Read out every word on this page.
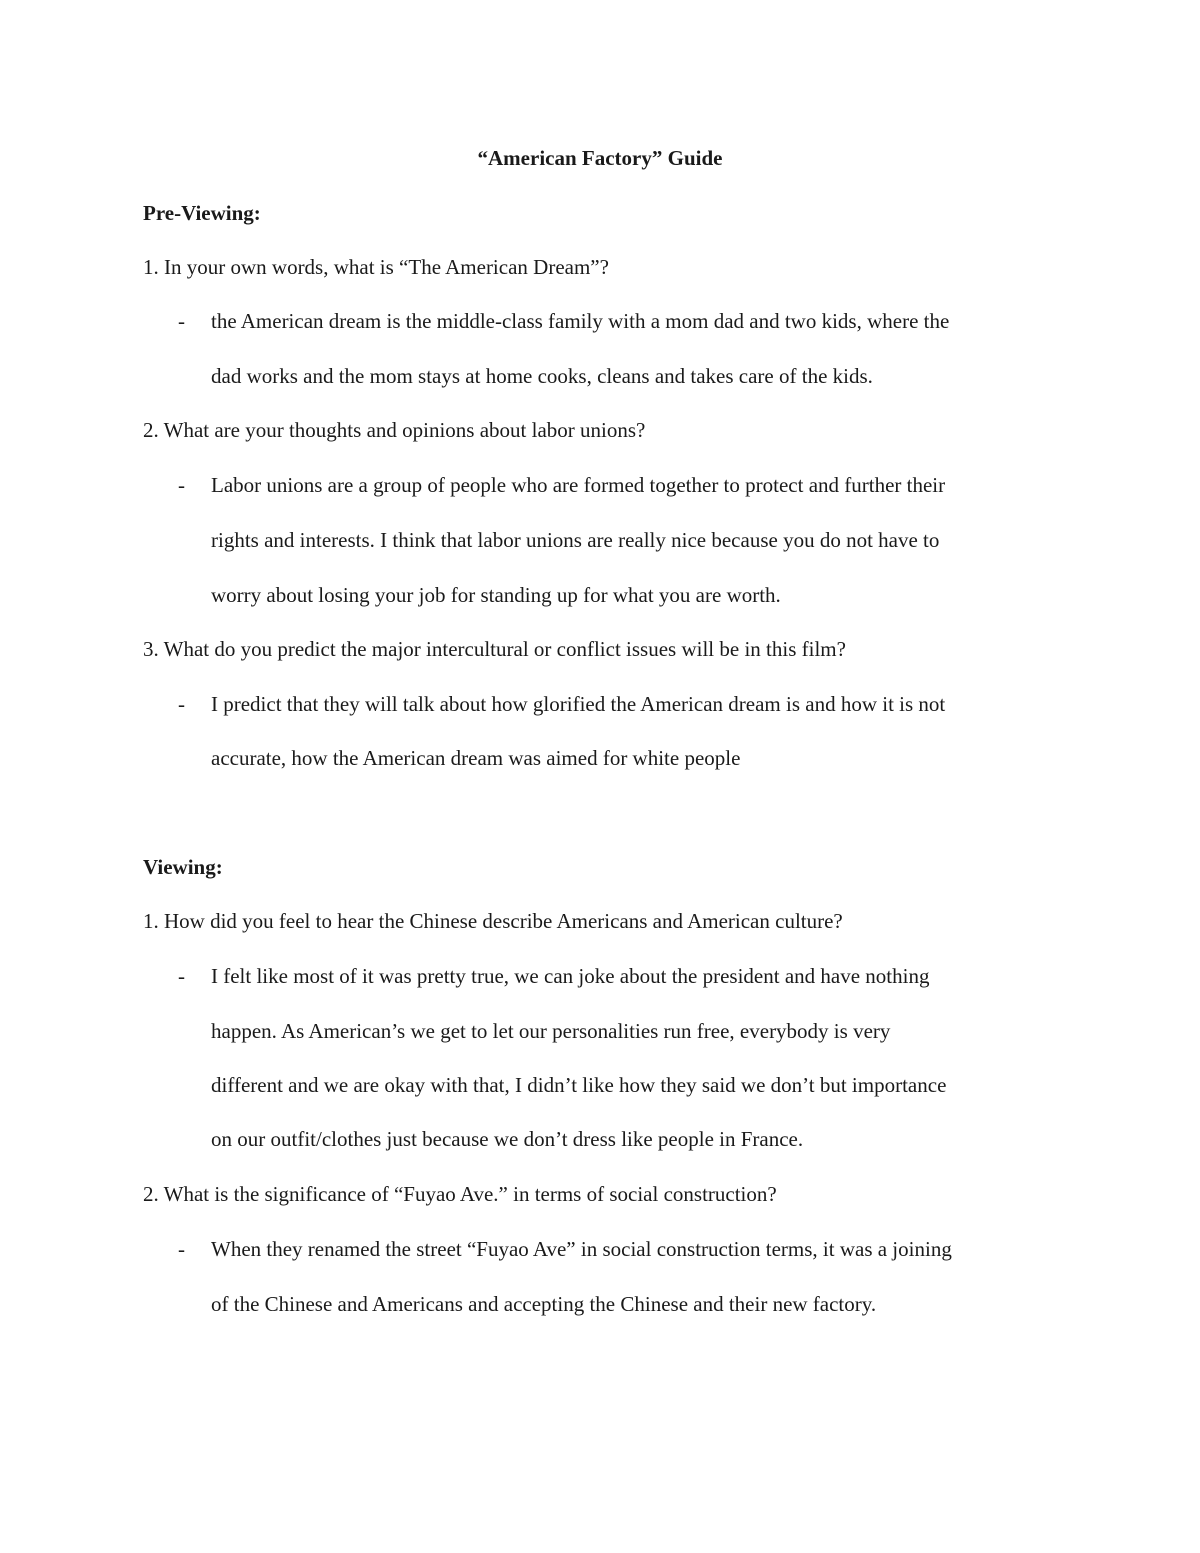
“American Factory” Guide
Pre-Viewing:
1. In your own words, what is “The American Dream”?
- the American dream is the middle-class family with a mom dad and two kids, where the
dad works and the mom stays at home cooks, cleans and takes care of the kids.
2. What are your thoughts and opinions about labor unions?
- Labor unions are a group of people who are formed together to protect and further their
rights and interests. I think that labor unions are really nice because you do not have to
worry about losing your job for standing up for what you are worth.
3. What do you predict the major intercultural or conflict issues will be in this film?
- I predict that they will talk about how glorified the American dream is and how it is not
accurate, how the American dream was aimed for white people
Viewing:
1. How did you feel to hear the Chinese describe Americans and American culture?
- I felt like most of it was pretty true, we can joke about the president and have nothing
happen. As American’s we get to let our personalities run free, everybody is very
different and we are okay with that, I didn’t like how they said we don’t but importance
on our outfit/clothes just because we don’t dress like people in France.
2. What is the significance of “Fuyao Ave.” in terms of social construction?
- When they renamed the street “Fuyao Ave” in social construction terms, it was a joining
of the Chinese and Americans and accepting the Chinese and their new factory.
